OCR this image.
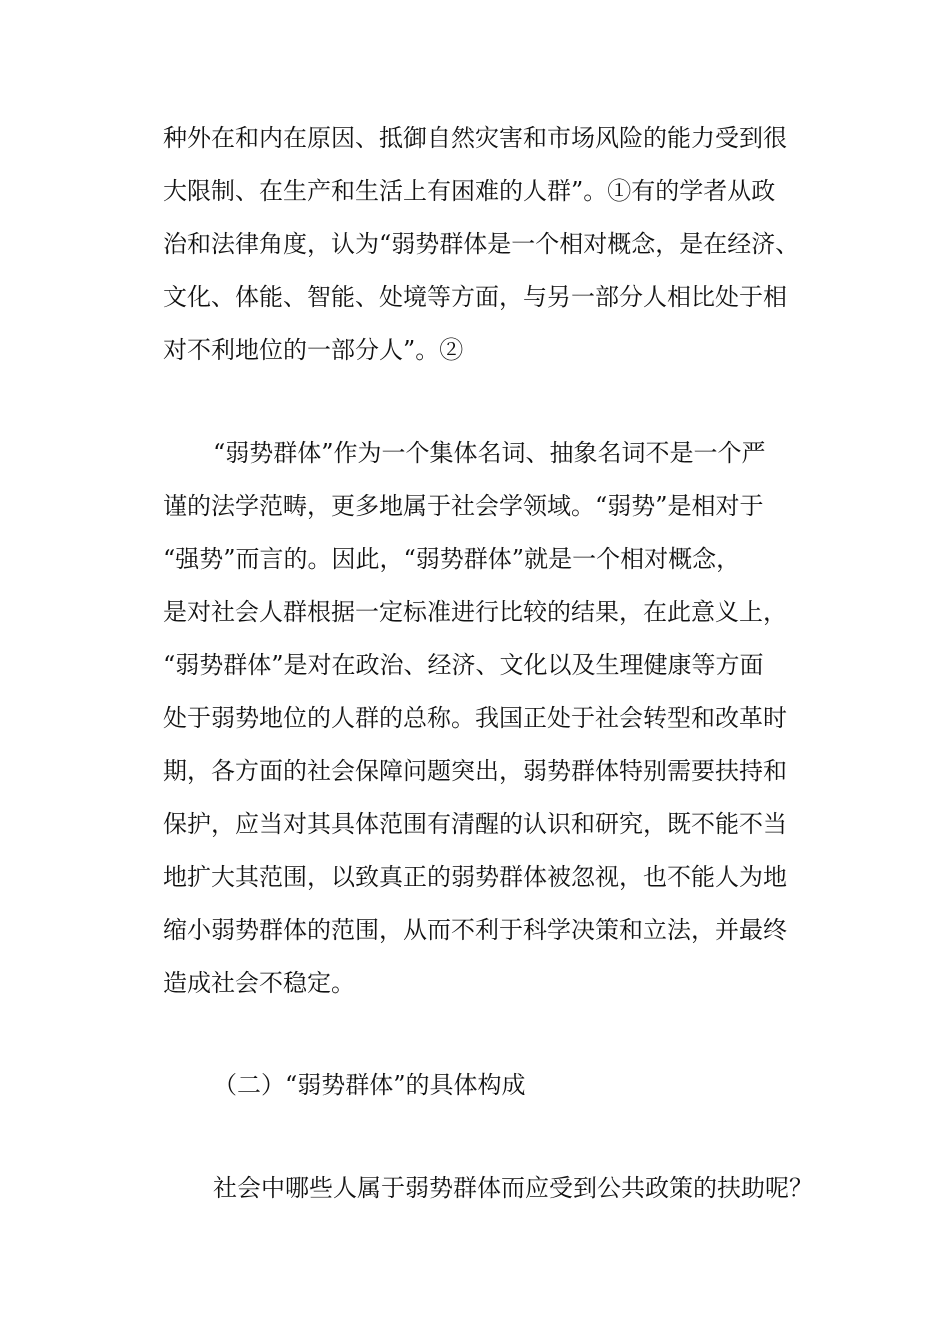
种外在和内在原因、抵御自然灾害和市场风险的能力受到很
大限制、在生产和生活上有困难的人群”。①有的学者从政
治和法律角度，认为“弱势群体是一个相对概念，是在经济、
文化、体能、智能、处境等方面，与另一部分人相比处于相
对不利地位的一部分人”。②
“弱势群体”作为一个集体名词、抽象名词不是一个严
谨的法学范畴，更多地属于社会学领域。“弱势”是相对于
“强势”而言的。因此，“弱势群体”就是一个相对概念，
是对社会人群根据一定标准进行比较的结果，在此意义上，
“弱势群体”是对在政治、经济、文化以及生理健康等方面
处于弱势地位的人群的总称。我国正处于社会转型和改革时
期，各方面的社会保障问题突出，弱势群体特别需要扶持和
保护，应当对其具体范围有清醒的认识和研究，既不能不当
地扩大其范围，以致真正的弱势群体被忽视，也不能人为地
缩小弱势群体的范围，从而不利于科学决策和立法，并最终
造成社会不稳定。
（二）“弱势群体”的具体构成
社会中哪些人属于弱势群体而应受到公共政策的扶助呢？
